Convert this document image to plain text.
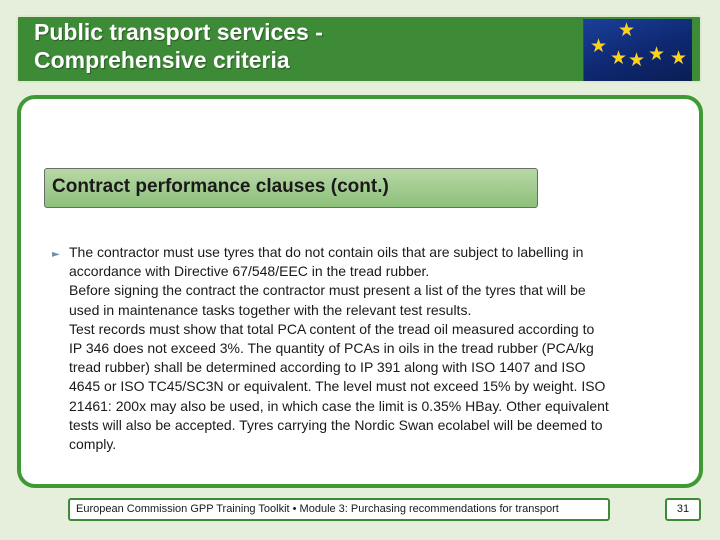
Public transport services -
Comprehensive criteria
★
★ ★ ★ ★
★
Contract performance clauses (cont.)
► The contractor must use tyres that do not contain oils that are subject to labelling in
accordance with Directive 67/548/EEC in the tread rubber.
Before signing the contract the contractor must present a list of the tyres that will be
used in maintenance tasks together with the relevant test results.
Test records must show that total PCA content of the tread oil measured according to
IP 346 does not exceed 3%. The quantity of PCAs in oils in the tread rubber (PCA/kg
tread rubber) shall be determined according to IP 391 along with ISO 1407 and ISO
4645 or ISO TC45/SC3N or equivalent. The level must not exceed 15% by weight. ISO
21461: 200x may also be used, in which case the limit is 0.35% HBay. Other equivalent
tests will also be accepted. Tyres carrying the Nordic Swan ecolabel will be deemed to
comply.
European Commission GPP Training Toolkit • Module 3: Purchasing recommendations for transport	31
